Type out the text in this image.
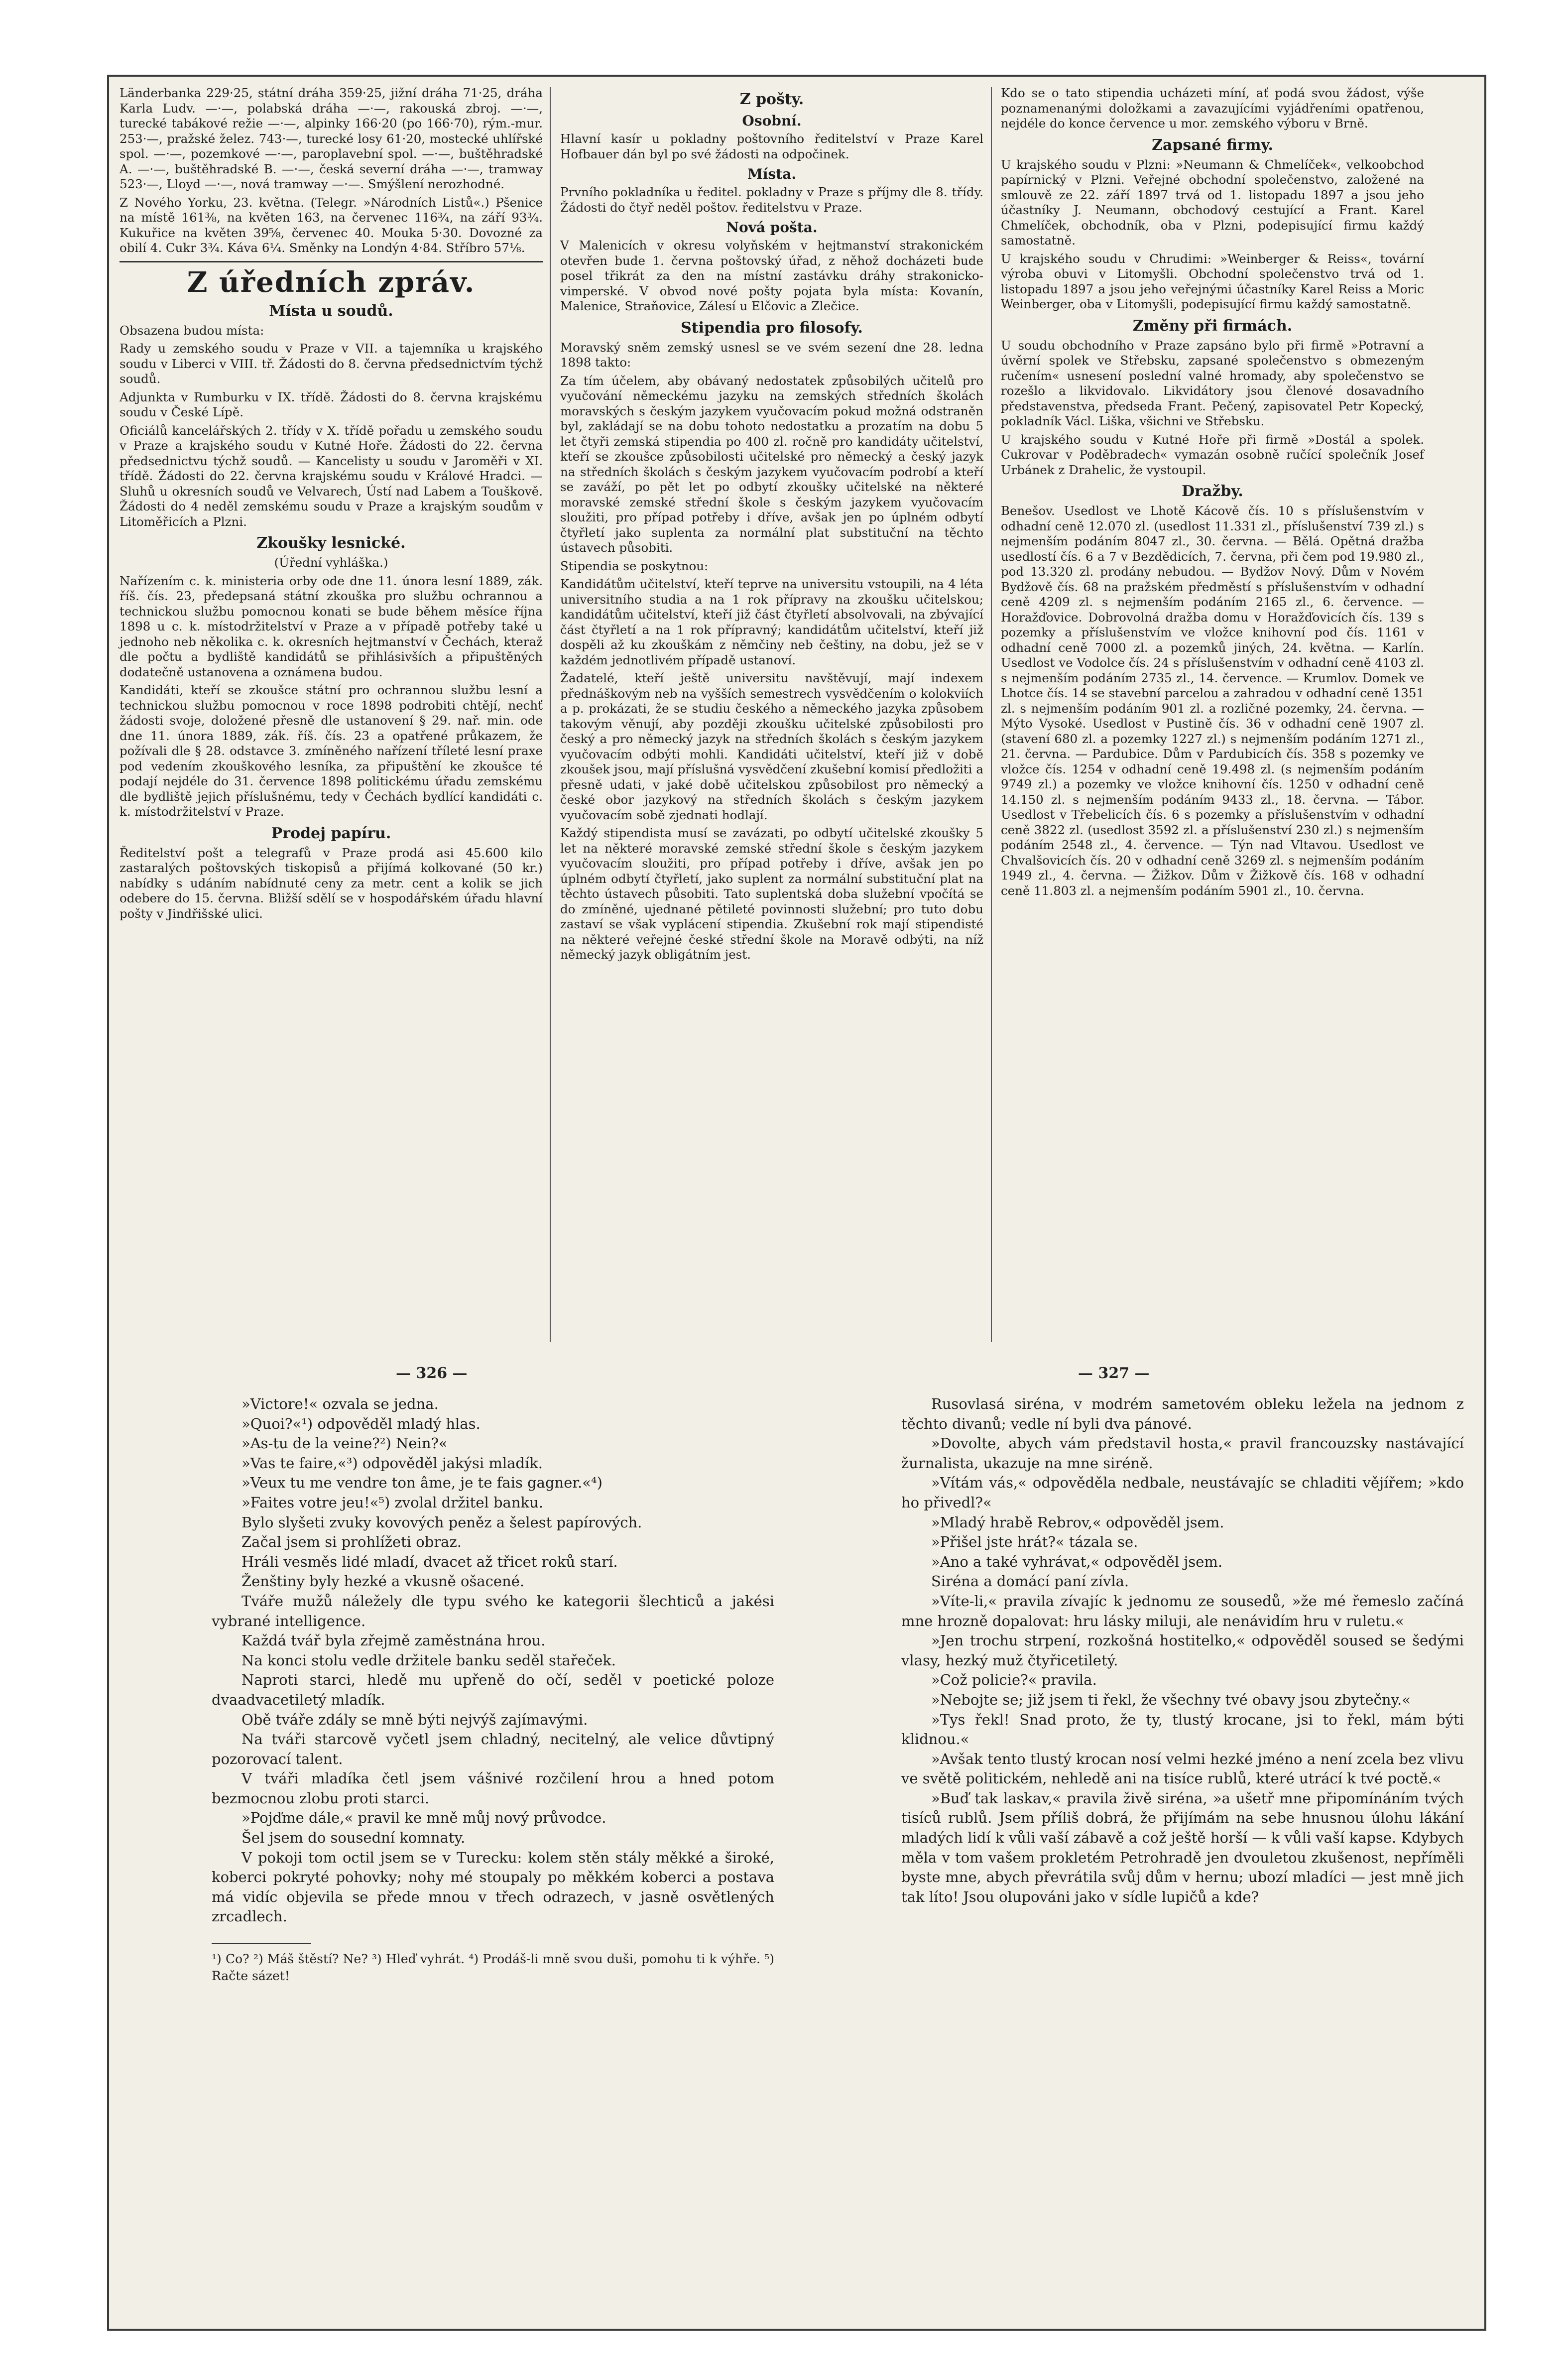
Länderbanka 229·25, státní dráha 359·25, jižní dráha 71·25, dráha Karla Ludv. —·—, polabská dráha —·—, rakouská zbroj. —·—, turecké tabákové režie —·—, alpinky 166·20 (po 166·70), rým.-mur. 253·—, pražské želez. 743·—, turecké losy 61·20, mostecké uhlířské spol. —·—, pozemkové —·—, paroplavební spol. —·—, buštěhradské A. —·—, buštěhradské B. —·—, česká severní dráha —·—, tramway 523·—, Lloyd —·—, nová tramway —·—. Smýšlení nerozhodné.

Z Nového Yorku, 23. května. (Telegr. »Národních Listů«.) Pšenice na místě 161⅜, na květen 163, na červenec 116¾, na září 93¾. Kukuřice na květen 39⅝, červenec 40. Mouka 5·30. Dovozné za obilí 4. Cukr 3¾. Káva 6¼. Směnky na Londýn 4·84. Stříbro 57⅛.

Z úředních zpráv.
Místa u soudů.

Obsazena budou místa:

Rady u zemského soudu v Praze v VII. a tajemníka u krajského soudu v Liberci v VIII. tř. Žádosti do 8. června předsednictvím týchž soudů.

Adjunkta v Rumburku v IX. třídě. Žádosti do 8. června krajskému soudu v České Lípě.

Oficiálů kancelářských 2. třídy v X. třídě pořadu u zemského soudu v Praze a krajského soudu v Kutné Hoře. Žádosti do 22. června předsednictvu týchž soudů. — Kancelisty u soudu v Jaroměři v XI. třídě. Žádosti do 22. června krajskému soudu v Králové Hradci. — Sluhů u okresních soudů ve Velvarech, Ústí nad Labem a Touškově. Žádosti do 4 neděl zemskému soudu v Praze a krajským soudům v Litoměřicích a Plzni.

Zkoušky lesnické.

(Úřední vyhláška.)

Nařízením c. k. ministeria orby ode dne 11. února lesní 1889, zák. říš. čís. 23, předepsaná státní zkouška pro službu ochrannou a technickou službu pomocnou konati se bude během měsíce října 1898 u c. k. místodržitelství v Praze a v případě potřeby také u jednoho neb několika c. k. okresních hejtmanství v Čechách, kteraž dle počtu a bydliště kandidátů se přihlásivších a připuštěných dodatečně ustanovena a oznámena budou.

Kandidáti, kteří se zkoušce státní pro ochrannou službu lesní a technickou službu pomocnou v roce 1898 podrobiti chtějí, nechť žádosti svoje, doložené přesně dle ustanovení § 29. nař. min. ode dne 11. února 1889, zák. říš. čís. 23 a opatřené průkazem, že požívali dle § 28. odstavce 3. zmíněného nařízení tříleté lesní praxe pod vedením zkouškového lesníka, za připuštění ke zkoušce té podají nejdéle do 31. července 1898 politickému úřadu zemskému dle bydliště jejich příslušnému, tedy v Čechách bydlící kandidáti c. k. místodržitelství v Praze.

Prodej papíru.

Ředitelství pošt a telegrafů v Praze prodá asi 45.600 kilo zastaralých poštovských tiskopisů a přijímá kolkované (50 kr.) nabídky s udáním nabídnuté ceny za metr. cent a kolik se jich odebere do 15. června. Bližší sdělí se v hospodářském úřadu hlavní pošty v Jindřišské ulici.

Z pošty.
Osobní.

Hlavní kasír u pokladny poštovního ředitelství v Praze Karel Hofbauer dán byl po své žádosti na odpočinek.

Místa.

Prvního pokladníka u ředitel. pokladny v Praze s příjmy dle 8. třídy. Žádosti do čtyř neděl poštov. ředitelstvu v Praze.

Nová pošta.

V Malenicích v okresu volyňském v hejtmanství strakonickém otevřen bude 1. června poštovský úřad, z něhož docházeti bude posel třikrát za den na místní zastávku dráhy strakonicko-vimperské. V obvod nové pošty pojata byla místa: Kovanín, Malenice, Straňovice, Zálesí u Elčovic a Zlečice.

Stipendia pro filosofy.

Moravský sněm zemský usnesl se ve svém sezení dne 28. ledna 1898 takto:

Za tím účelem, aby obávaný nedostatek způsobilých učitelů pro vyučování německému jazyku na zemských středních školách moravských s českým jazykem vyučovacím pokud možná odstraněn byl, zakládají se na dobu tohoto nedostatku a prozatím na dobu 5 let čtyři zemská stipendia po 400 zl. ročně pro kandidáty učitelství, kteří se zkoušce způsobilosti učitelské pro německý a český jazyk na středních školách s českým jazykem vyučovacím podrobí a kteří se zaváží, po pět let po odbytí zkoušky učitelské na některé moravské zemské střední škole s českým jazykem vyučovacím sloužiti, pro případ potřeby i dříve, avšak jen po úplném odbytí čtyřletí jako suplenta za normální plat substituční na těchto ústavech působiti.

Stipendia se poskytnou:

Kandidátům učitelství, kteří teprve na universitu vstoupili, na 4 léta universitního studia a na 1 rok přípravy na zkoušku učitelskou; kandidátům učitelství, kteří již část čtyřletí absolvovali, na zbývající část čtyřletí a na 1 rok přípravný; kandidátům učitelství, kteří již dospěli až ku zkouškám z němčiny neb češtiny, na dobu, jež se v každém jednotlivém případě ustanoví.

Žadatelé, kteří ještě universitu navštěvují, mají indexem přednáškovým neb na vyšších semestrech vysvědčením o kolokviích a p. prokázati, že se studiu českého a německého jazyka způsobem takovým věnují, aby později zkoušku učitelské způsobilosti pro český a pro německý jazyk na středních školách s českým jazykem vyučovacím odbýti mohli. Kandidáti učitelství, kteří již v době zkoušek jsou, mají příslušná vysvědčení zkušební komisí předložiti a přesně udati, v jaké době učitelskou způsobilost pro německý a české obor jazykový na středních školách s českým jazykem vyučovacím sobě zjednati hodlají.

Každý stipendista musí se zavázati, po odbytí učitelské zkoušky 5 let na některé moravské zemské střední škole s českým jazykem vyučovacím sloužiti, pro případ potřeby i dříve, avšak jen po úplném odbytí čtyřletí, jako suplent za normální substituční plat na těchto ústavech působiti. Tato suplentská doba služební vpočítá se do zmíněné, ujednané pětileté povinnosti služební; pro tuto dobu zastaví se však vyplácení stipendia. Zkušební rok mají stipendisté na některé veřejné české střední škole na Moravě odbýti, na níž německý jazyk obligátním jest.

Kdo se o tato stipendia ucházeti míní, ať podá svou žádost, výše poznamenanými doložkami a zavazujícími vyjádřeními opatřenou, nejdéle do konce července u mor. zemského výboru v Brně.

Zapsané firmy.

U krajského soudu v Plzni: »Neumann & Chmelíček«, velkoobchod papírnický v Plzni. Veřejné obchodní společenstvo, založené na smlouvě ze 22. září 1897 trvá od 1. listopadu 1897 a jsou jeho účastníky J. Neumann, obchodový cestující a Frant. Karel Chmelíček, obchodník, oba v Plzni, podepisující firmu každý samostatně.

U krajského soudu v Chrudimi: »Weinberger & Reiss«, tovární výroba obuvi v Litomyšli. Obchodní společenstvo trvá od 1. listopadu 1897 a jsou jeho veřejnými účastníky Karel Reiss a Moric Weinberger, oba v Litomyšli, podepisující firmu každý samostatně.

Změny při firmách.

U soudu obchodního v Praze zapsáno bylo při firmě »Potravní a úvěrní spolek ve Střebsku, zapsané společenstvo s obmezeným ručením« usnesení poslední valné hromady, aby společenstvo se rozešlo a likvidovalo. Likvidátory jsou členové dosavadního představenstva, předseda Frant. Pečený, zapisovatel Petr Kopecký, pokladník Václ. Liška, všichni ve Střebsku.

U krajského soudu v Kutné Hoře při firmě »Dostál a spolek. Cukrovar v Poděbradech« vymazán osobně ručící společník Josef Urbánek z Drahelic, že vystoupil.

Dražby.

Benešov. Usedlost ve Lhotě Kácově čís. 10 s příslušenstvím v odhadní ceně 12.070 zl. (usedlost 11.331 zl., příslušenství 739 zl.) s nejmenším podáním 8047 zl., 30. června. — Bělá. Opětná dražba usedlostí čís. 6 a 7 v Bezdědicích, 7. června, při čem pod 19.980 zl., pod 13.320 zl. prodány nebudou. — Bydžov Nový. Dům v Novém Bydžově čís. 68 na pražském předměstí s příslušenstvím v odhadní ceně 4209 zl. s nejmenším podáním 2165 zl., 6. července. — Horažďovice. Dobrovolná dražba domu v Horažďovicích čís. 139 s pozemky a příslušenstvím ve vložce knihovní pod čís. 1161 v odhadní ceně 7000 zl. a pozemků jiných, 24. května. — Karlín. Usedlost ve Vodolce čís. 24 s příslušenstvím v odhadní ceně 4103 zl. s nejmenším podáním 2735 zl., 14. července. — Krumlov. Domek ve Lhotce čís. 14 se stavební parcelou a zahradou v odhadní ceně 1351 zl. s nejmenším podáním 901 zl. a rozličné pozemky, 24. června. — Mýto Vysoké. Usedlost v Pustině čís. 36 v odhadní ceně 1907 zl. (stavení 680 zl. a pozemky 1227 zl.) s nejmenším podáním 1271 zl., 21. června. — Pardubice. Dům v Pardubicích čís. 358 s pozemky ve vložce čís. 1254 v odhadní ceně 19.498 zl. (s nejmenším podáním 9749 zl.) a pozemky ve vložce knihovní čís. 1250 v odhadní ceně 14.150 zl. s nejmenším podáním 9433 zl., 18. června. — Tábor. Usedlost v Třebelicích čís. 6 s pozemky a příslušenstvím v odhadní ceně 3822 zl. (usedlost 3592 zl. a příslušenství 230 zl.) s nejmenším podáním 2548 zl., 4. července. — Týn nad Vltavou. Usedlost ve Chvalšovicích čís. 20 v odhadní ceně 3269 zl. s nejmenším podáním 1949 zl., 4. června. — Žižkov. Dům v Žižkově čís. 168 v odhadní ceně 11.803 zl. a nejmenším podáním 5901 zl., 10. června.

— 326 —	— 327 —

»Victore!« ozvala se jedna.

»Quoi?«¹) odpověděl mladý hlas.

»As-tu de la veine?²) Nein?«

»Vas te faire,«³) odpověděl jakýsi mladík.

»Veux tu me vendre ton âme, je te fais gagner.«⁴)

»Faites votre jeu!«⁵) zvolal držitel banku.

Bylo slyšeti zvuky kovových peněz a šelest papírových.

Začal jsem si prohlížeti obraz.

Hráli vesměs lidé mladí, dvacet až třicet roků starí.

Ženštiny byly hezké a vkusně ošacené.

Tváře mužů náležely dle typu svého ke kategorii šlechticů a jakési vybrané intelligence.

Každá tvář byla zřejmě zaměstnána hrou.

Na konci stolu vedle držitele banku seděl stařeček.

Naproti starci, hledě mu upřeně do očí, seděl v poetické poloze dvaadvacetiletý mladík.

Obě tváře zdály se mně býti nejvýš zajímavými.

Na tváři starcově vyčetl jsem chladný, necitelný, ale velice důvtipný pozorovací talent.

V tváři mladíka četl jsem vášnivé rozčilení hrou a hned potom bezmocnou zlobu proti starci.

»Pojďme dále,« pravil ke mně můj nový průvodce.

Šel jsem do sousední komnaty.

V pokoji tom octil jsem se v Turecku: kolem stěn stály měkké a široké, koberci pokryté pohovky; nohy mé stoupaly po měkkém koberci a postava má vidíc objevila se přede mnou v třech odrazech, v jasně osvětlených zrcadlech.

¹) Co? ²) Máš štěstí? Ne? ³) Hleď vyhrát. ⁴) Prodáš-li mně svou duši, pomohu ti k výhře. ⁵) Račte sázet!

Rusovlasá siréna, v modrém sametovém obleku ležela na jednom z těchto divanů; vedle ní byli dva pánové.

»Dovolte, abych vám představil hosta,« pravil francouzsky nastávající žurnalista, ukazuje na mne siréně.

»Vítám vás,« odpověděla nedbale, neustávajíc se chladiti vějířem; »kdo ho přivedl?«

»Mladý hrabě Rebrov,« odpověděl jsem.

»Přišel jste hrát?« tázala se.

»Ano a také vyhrávat,« odpověděl jsem.

Siréna a domácí paní zívla.

»Víte-li,« pravila zívajíc k jednomu ze sousedů, »že mé řemeslo začíná mne hrozně dopalovat: hru lásky miluji, ale nenávidím hru v ruletu.«

»Jen trochu strpení, rozkošná hostitelko,« odpověděl soused se šedými vlasy, hezký muž čtyřicetiletý.

»Což policie?« pravila.

»Nebojte se; již jsem ti řekl, že všechny tvé obavy jsou zbytečny.«

»Tys řekl! Snad proto, že ty, tlustý krocane, jsi to řekl, mám býti klidnou.«

»Avšak tento tlustý krocan nosí velmi hezké jméno a není zcela bez vlivu ve světě politickém, nehledě ani na tisíce rublů, které utrácí k tvé poctě.«

»Buď tak laskav,« pravila živě siréna, »a ušetř mne připomínáním tvých tisíců rublů. Jsem příliš dobrá, že přijímám na sebe hnusnou úlohu lákání mladých lidí k vůli vaší zábavě a což ještě horší — k vůli vaší kapse. Kdybych měla v tom vašem prokletém Petrohradě jen dvouletou zkušenost, nepříměli byste mne, abych převrátila svůj dům v hernu; ubozí mladíci — jest mně jich tak líto! Jsou olupováni jako v sídle lupičů a kde?
